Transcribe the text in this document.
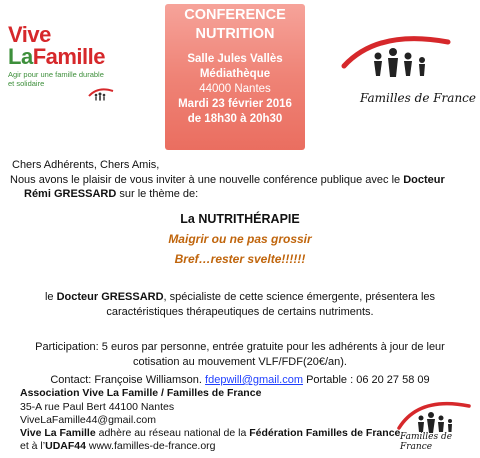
Vive
LaFamille
Agir pour une famille durable et solidaire
CONFERENCE
NUTRITION
Salle Jules Vallès
Médiathèque
44000 Nantes
Mardi 23 février 2016
de 18h30 à 20h30
Familles de France
Chers Adhérents, Chers Amis,
Nous avons le plaisir de vous inviter à une nouvelle conférence publique avec le Docteur
Rémi GRESSARD sur le thème de:
La NUTRITHÉRAPIE
Maigrir ou ne pas grossir
Bref…rester svelte!!!!!!
le Docteur GRESSARD, spécialiste de cette science émergente, présentera les
caractéristiques thérapeutiques de certains nutriments.
Participation: 5 euros par personne, entrée gratuite pour les adhérents à jour de leur
cotisation au mouvement VLF/FDF(20€/an).
Contact: Françoise Williamson. fdepwill@gmail.com Portable : 06 20 27 58 09
Association Vive La Famille / Familles de France
35-A rue Paul Bert 44100 Nantes
ViveLaFamille44@gmail.com
Vive La Famille adhère au réseau national de la Fédération Familles de France
et à l’UDAF44 www.familles-de-france.org
Familles de France
